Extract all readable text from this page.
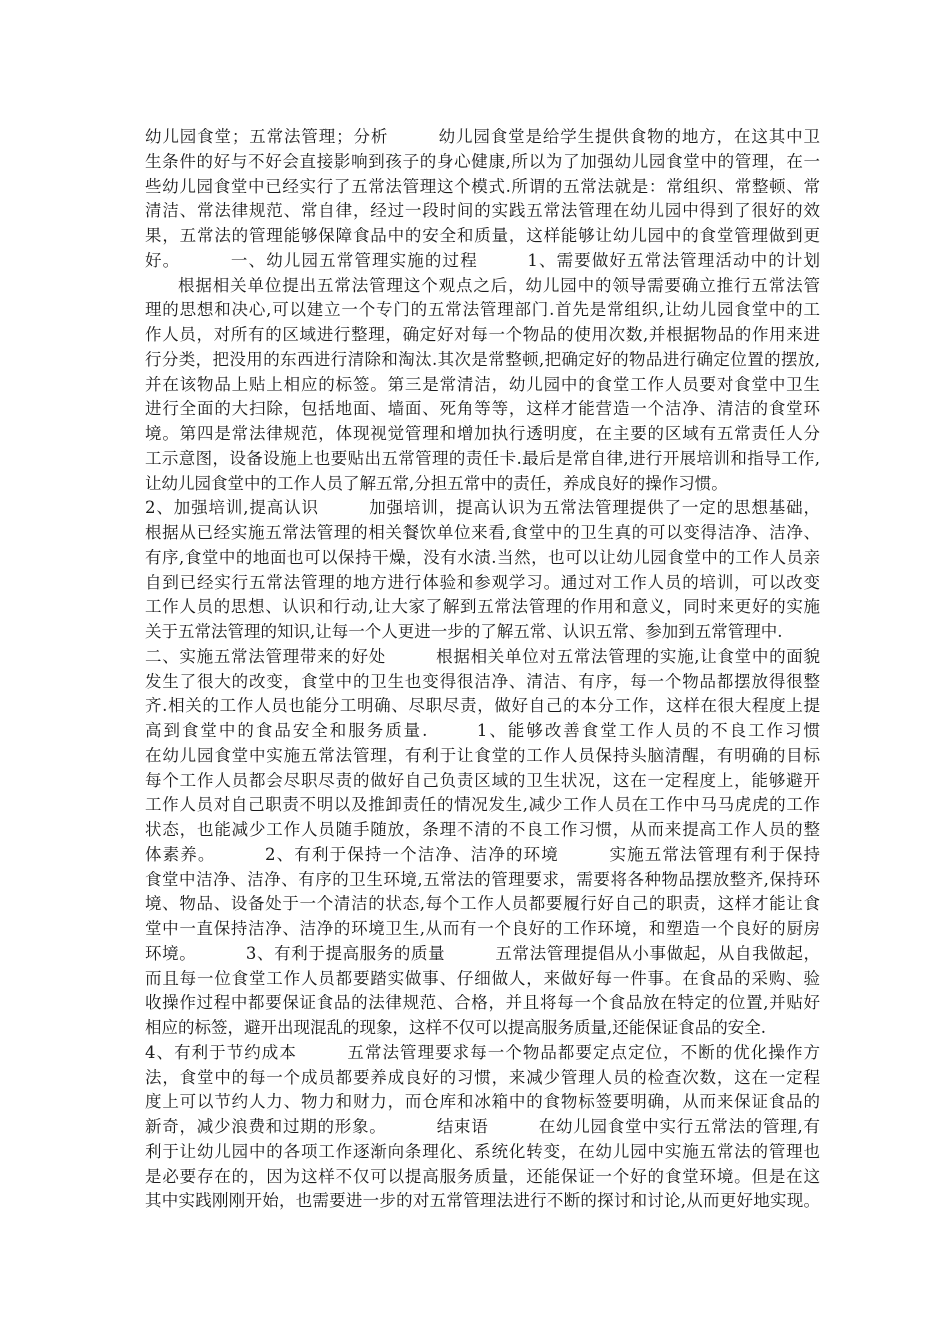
幼儿园食堂；五常法管理；分析	幼儿园食堂是给学生提供食物的地方，在这其中卫
生条件的好与不好会直接影响到孩子的身心健康,所以为了加强幼儿园食堂中的管理，在一
些幼儿园食堂中已经实行了五常法管理这个模式.所谓的五常法就是：常组织、常整顿、常
清洁、常法律规范、常自律，经过一段时间的实践五常法管理在幼儿园中得到了很好的效
果，五常法的管理能够保障食品中的安全和质量，这样能够让幼儿园中的食堂管理做到更
好。	一、幼儿园五常管理实施的过程	1、需要做好五常法管理活动中的计划
根据相关单位提出五常法管理这个观点之后，幼儿园中的领导需要确立推行五常法管
理的思想和决心,可以建立一个专门的五常法管理部门.首先是常组织,让幼儿园食堂中的工
作人员，对所有的区域进行整理，确定好对每一个物品的使用次数,并根据物品的作用来进
行分类，把没用的东西进行清除和淘汰.其次是常整顿,把确定好的物品进行确定位置的摆放,
并在该物品上贴上相应的标签。第三是常清洁，幼儿园中的食堂工作人员要对食堂中卫生
进行全面的大扫除，包括地面、墙面、死角等等，这样才能营造一个洁净、清洁的食堂环
境。第四是常法律规范，体现视觉管理和增加执行透明度，在主要的区域有五常责任人分
工示意图，设备设施上也要贴出五常管理的责任卡.最后是常自律,进行开展培训和指导工作,
让幼儿园食堂中的工作人员了解五常,分担五常中的责任，养成良好的操作习惯。
2、加强培训,提高认识	加强培训，提高认识为五常法管理提供了一定的思想基础，
根据从已经实施五常法管理的相关餐饮单位来看,食堂中的卫生真的可以变得洁净、洁净、
有序,食堂中的地面也可以保持干燥，没有水渍.当然，也可以让幼儿园食堂中的工作人员亲
自到已经实行五常法管理的地方进行体验和参观学习。通过对工作人员的培训，可以改变
工作人员的思想、认识和行动,让大家了解到五常法管理的作用和意义，同时来更好的实施
关于五常法管理的知识,让每一个人更进一步的了解五常、认识五常、参加到五常管理中.
二、实施五常法管理带来的好处	根据相关单位对五常法管理的实施,让食堂中的面貌
发生了很大的改变，食堂中的卫生也变得很洁净、清洁、有序，每一个物品都摆放得很整
齐.相关的工作人员也能分工明确、尽职尽责，做好自己的本分工作，这样在很大程度上提
高到食堂中的食品安全和服务质量.	1、能够改善食堂工作人员的不良工作习惯
在幼儿园食堂中实施五常法管理，有利于让食堂的工作人员保持头脑清醒，有明确的目标
每个工作人员都会尽职尽责的做好自己负责区域的卫生状况，这在一定程度上，能够避开
工作人员对自己职责不明以及推卸责任的情况发生,减少工作人员在工作中马马虎虎的工作
状态，也能减少工作人员随手随放，条理不清的不良工作习惯，从而来提高工作人员的整
体素养。	2、有利于保持一个洁净、洁净的环境	实施五常法管理有利于保持
食堂中洁净、洁净、有序的卫生环境,五常法的管理要求，需要将各种物品摆放整齐,保持环
境、物品、设备处于一个清洁的状态,每个工作人员都要履行好自己的职责，这样才能让食
堂中一直保持洁净、洁净的环境卫生,从而有一个良好的工作环境，和塑造一个良好的厨房
环境。	3、有利于提高服务的质量	五常法管理提倡从小事做起，从自我做起，
而且每一位食堂工作人员都要踏实做事、仔细做人，来做好每一件事。在食品的采购、验
收操作过程中都要保证食品的法律规范、合格，并且将每一个食品放在特定的位置,并贴好
相应的标签，避开出现混乱的现象，这样不仅可以提高服务质量,还能保证食品的安全.
4、有利于节约成本	五常法管理要求每一个物品都要定点定位，不断的优化操作方
法，食堂中的每一个成员都要养成良好的习惯，来减少管理人员的检查次数，这在一定程
度上可以节约人力、物力和财力，而仓库和冰箱中的食物标签要明确，从而来保证食品的
新奇，减少浪费和过期的形象。	结束语	在幼儿园食堂中实行五常法的管理,有
利于让幼儿园中的各项工作逐渐向条理化、系统化转变，在幼儿园中实施五常法的管理也
是必要存在的，因为这样不仅可以提高服务质量，还能保证一个好的食堂环境。但是在这
其中实践刚刚开始，也需要进一步的对五常管理法进行不断的探讨和讨论,从而更好地实现。
